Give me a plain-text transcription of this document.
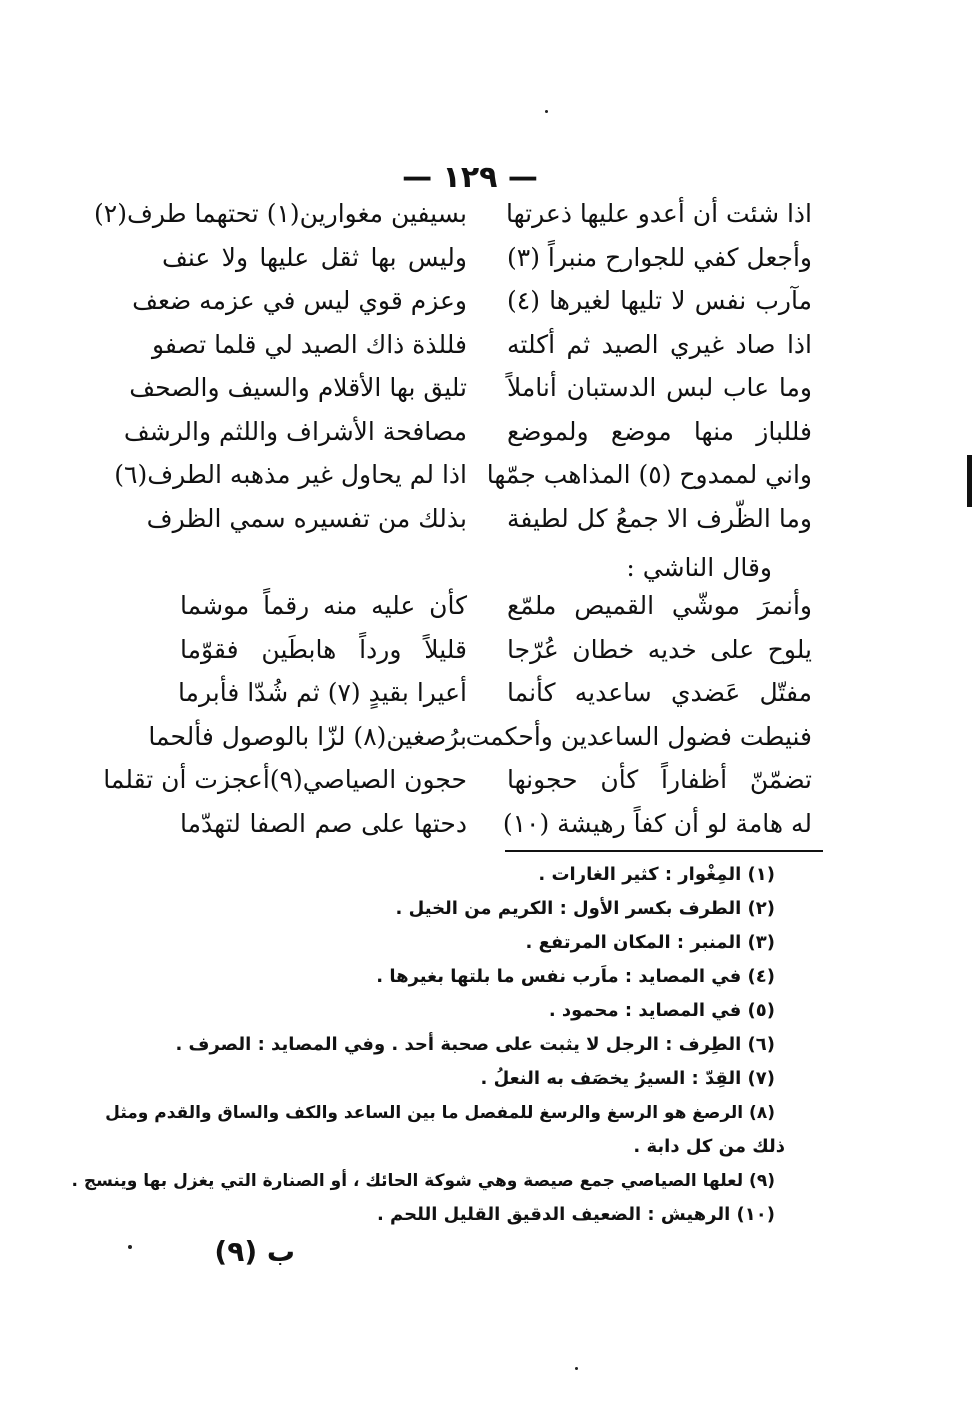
— ١٢٩ —
اذا شئت أن أعدو عليها ذعرتها
وأجعل كفي للجوارح منبراً (٣)
مآرب نفس لا تليها لغيرها (٤)
اذا صاد غيري الصيد ثم أكلته
وما عاب لبس الدستبان أناملاً
فللباز منها موضع ولموضع
واني لممدوح (٥) المذاهب جمّها
وما الظّرف الا جمعُ كل لطيفة
بسيفين مغوارين(١) تحتهما طرف(٢)
وليس بها ثقل عليها ولا عنف
وعزم قوي ليس في عزمه ضعف
فللذة ذاك الصيد لي قلما تصفو
تليق بها الأقلام والسيف والصحف
مصافحة الأشراف واللثم والرشف
اذا لم يحاول غير مذهبه الطرف(٦)
بذلك من تفسيره سمي الظرف
وقال الناشي :
وأنمرَ موشّي القميص ملمّع
يلوح على خديه خطان عُرّجا
مفتّل عَضدي ساعديه كأنما
فنيطت فضول الساعدين وأحكمت
تضمّنّ أظفاراً كأن حجونها
له هامة لو أن كفاً رهيشة (١٠)
كأن عليه منه رقماً موشما
قليلاً ورداً هابطَين فقوّما
أعيرا بقيدٍ (٧) ثم شُدّا فأبرما
برُصغين(٨) لزّا بالوصول فألحما
حجون الصياصي(٩)أعجزت أن تقلما
دحتها على صم الصفا لتهدّما
(١) المِغْوار : كثير الغارات .
(٢) الطرف بكسر الأول : الكريم من الخيل .
(٣) المنبر : المكان المرتفع .
(٤) في المصايد : ماَرب نفس ما بلتها بغيرها .
(٥) في المصايد : محمود .
(٦) الطِرف : الرجل لا يثبت على صحبة أحد . وفي المصايد : الصرف .
(٧) القِدّ : السيرُ يخصَف به النعلُ .
(٨) الرصغ هو الرسغ والرسغ للمفصل ما بين الساعد والكف والساق والقدم ومثل
ذلك من كل دابة .
(٩) لعلها الصياصي جمع صيصة وهي شوكة الحائك ، أو الصنارة التي يغزل بها وينسج .
(١٠) الرهيش : الضعيف الدقيق القليل اللحم .
ب (٩)
